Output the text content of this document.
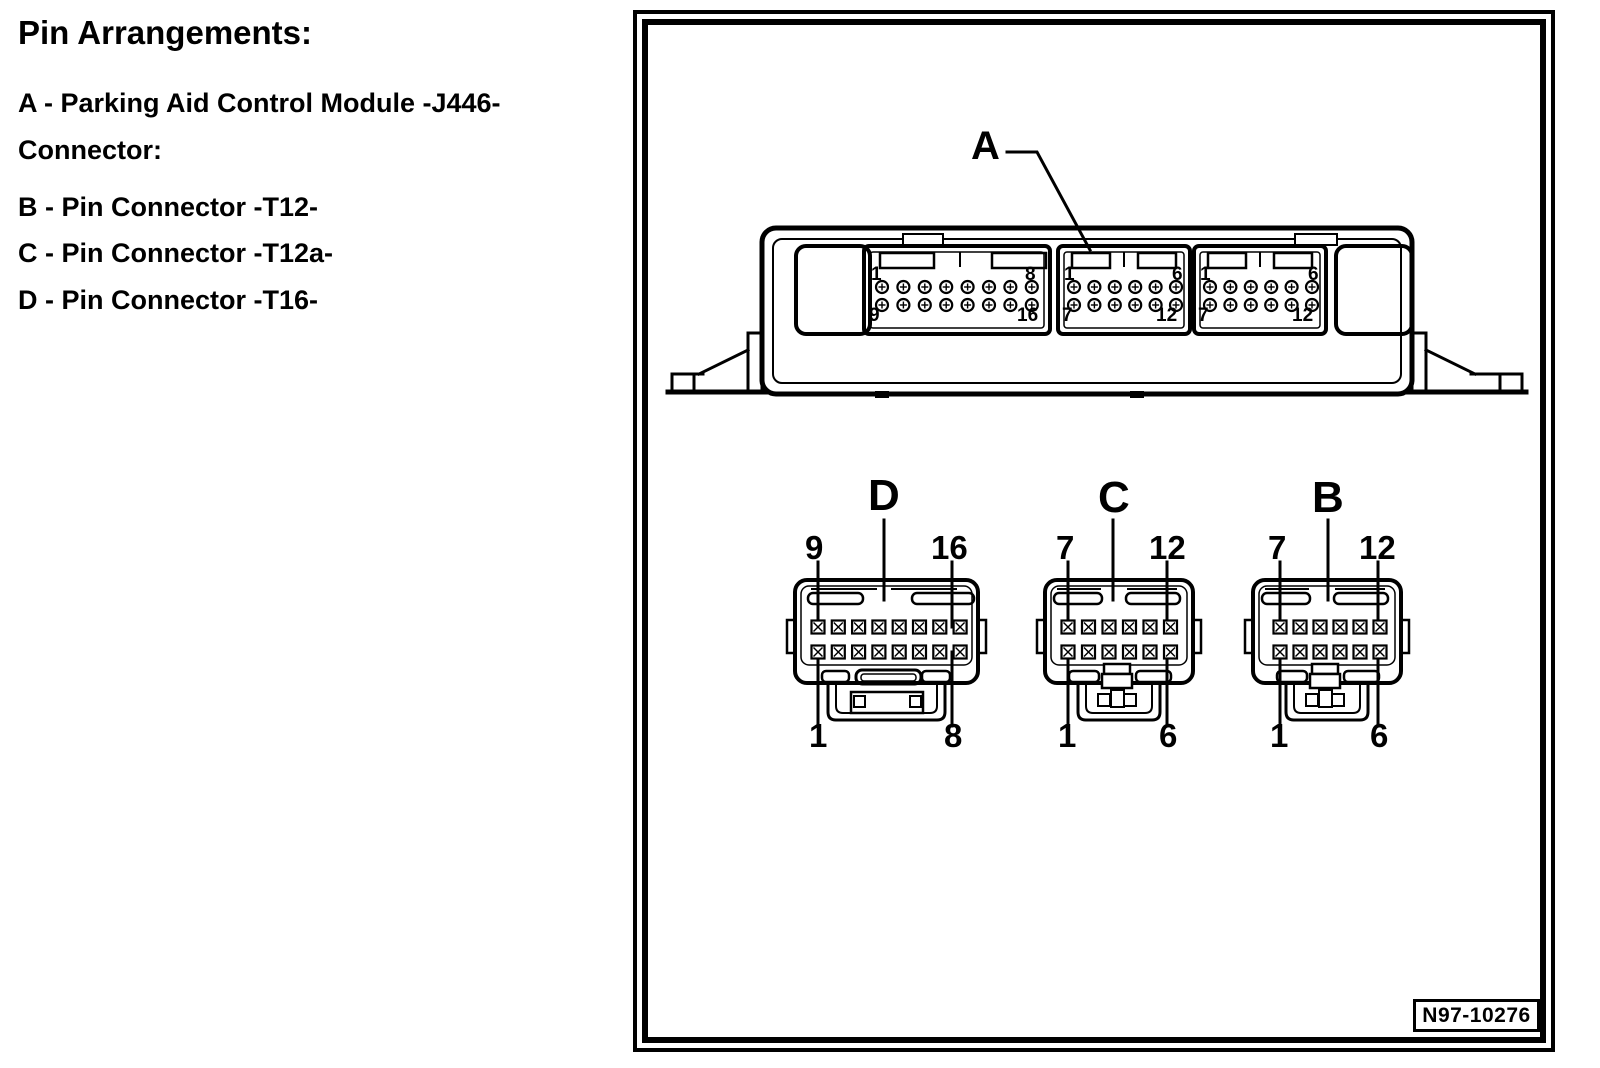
Pin Arrangements:
A - Parking Aid Control Module -J446-
Connector:
B - Pin Connector -T12-
C - Pin Connector -T12a-
D - Pin Connector -T16-
A
D	C	B
1	8
9	16
1	6
7	12
1	6
7	12
9	16
1	8
7 12
1	6
7 12
1 6
N97-10276
